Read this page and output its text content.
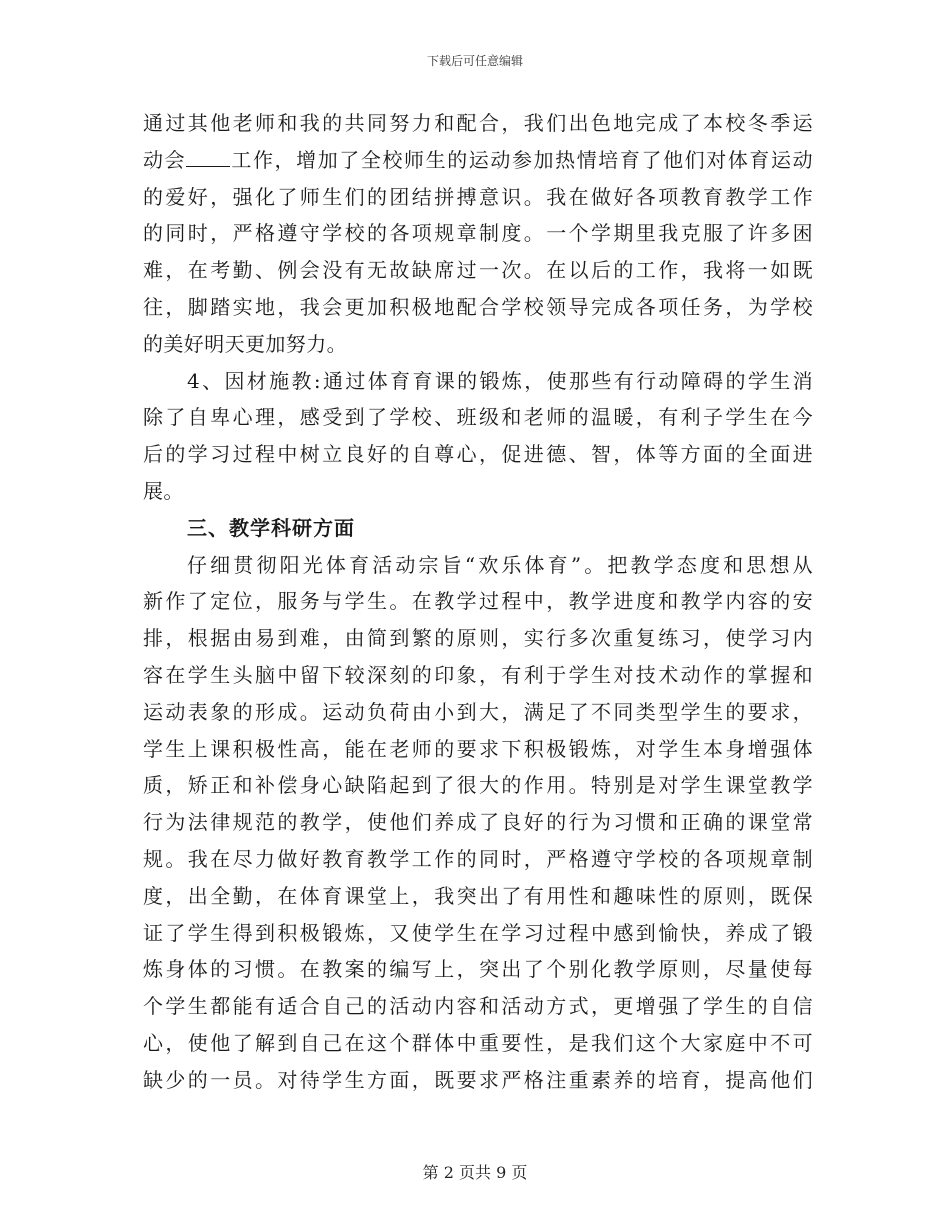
下载后可任意编辑
通过其他老师和我的共同努力和配合，我们出色地完成了本校冬季运
动会 工作，增加了全校师生的运动参加热情培育了他们对体育运动
的爱好，强化了师生们的团结拼搏意识。我在做好各项教育教学工作
的同时，严格遵守学校的各项规章制度。一个学期里我克服了许多困
难，在考勤、例会没有无故缺席过一次。在以后的工作，我将一如既
往，脚踏实地，我会更加积极地配合学校领导完成各项任务，为学校
的美好明天更加努力。
4、因材施教:通过体育育课的锻炼，使那些有行动障碍的学生消
除了自卑心理，感受到了学校、班级和老师的温暖，有利子学生在今
后的学习过程中树立良好的自尊心，促进德、智，体等方面的全面进
展。
三、教学科研方面
仔细贯彻阳光体育活动宗旨“欢乐体育”。把教学态度和思想从
新作了定位，服务与学生。在教学过程中，教学进度和教学内容的安
排，根据由易到难，由简到繁的原则，实行多次重复练习，使学习内
容在学生头脑中留下较深刻的印象，有利于学生对技术动作的掌握和
运动表象的形成。运动负荷由小到大，满足了不同类型学生的要求，
学生上课积极性高，能在老师的要求下积极锻炼，对学生本身增强体
质，矫正和补偿身心缺陷起到了很大的作用。特别是对学生课堂教学
行为法律规范的教学，使他们养成了良好的行为习惯和正确的课堂常
规。我在尽力做好教育教学工作的同时，严格遵守学校的各项规章制
度，出全勤，在体育课堂上，我突出了有用性和趣味性的原则，既保
证了学生得到积极锻炼，又使学生在学习过程中感到愉快，养成了锻
炼身体的习惯。在教案的编写上，突出了个别化教学原则，尽量使每
个学生都能有适合自己的活动内容和活动方式，更增强了学生的自信
心，使他了解到自己在这个群体中重要性，是我们这个大家庭中不可
缺少的一员。对待学生方面，既要求严格注重素养的培育，提高他们
第 2 页共 9 页
